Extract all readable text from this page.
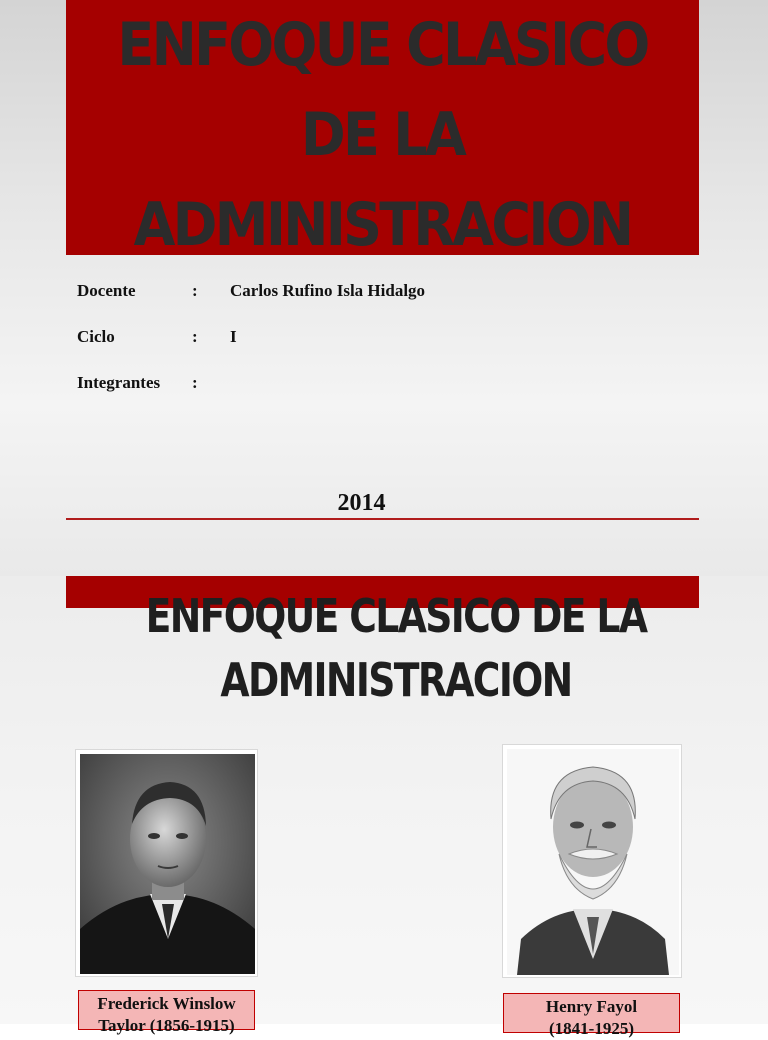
ENFOQUE CLASICO
DE LA
ADMINISTRACION
Docente	: Carlos Rufino Isla Hidalgo
Ciclo	: I
Integrantes :
2014
ENFOQUE CLASICO DE LA
ADMINISTRACION
Frederick Winslow
Taylor (1856-1915)
Henry Fayol
(1841-1925)
